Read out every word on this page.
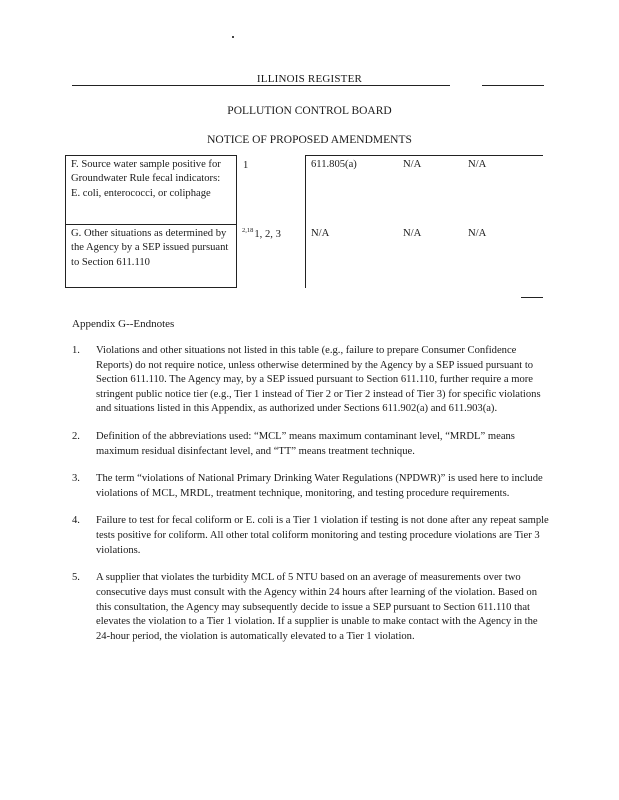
ILLINOIS REGISTER
POLLUTION CONTROL BOARD
NOTICE OF PROPOSED AMENDMENTS
F. Source water sample positive for Groundwater Rule fecal indicators: E. coli, enterococci, or coliphage	1	611.805(a)	N/A	N/A
G. Other situations as determined by the Agency by a SEP issued pursuant to Section 611.110	$^{2,18}$1, 2, 3	N/A	N/A	N/A
Appendix G--Endnotes
1.	Violations and other situations not listed in this table (e.g., failure to prepare Consumer Confidence Reports) do not require notice, unless otherwise determined by the Agency by a SEP issued pursuant to Section 611.110. The Agency may, by a SEP issued pursuant to Section 611.110, further require a more stringent public notice tier (e.g., Tier 1 instead of Tier 2 or Tier 2 instead of Tier 3) for specific violations and situations listed in this Appendix, as authorized under Sections 611.902(a) and 611.903(a).
2.	Definition of the abbreviations used: “MCL” means maximum contaminant level, “MRDL” means maximum residual disinfectant level, and “TT” means treatment technique.
3.	The term “violations of National Primary Drinking Water Regulations (NPDWR)” is used here to include violations of MCL, MRDL, treatment technique, monitoring, and testing procedure requirements.
4.	Failure to test for fecal coliform or E. coli is a Tier 1 violation if testing is not done after any repeat sample tests positive for coliform. All other total coliform monitoring and testing procedure violations are Tier 3 violations.
5.	A supplier that violates the turbidity MCL of 5 NTU based on an average of measurements over two consecutive days must consult with the Agency within 24 hours after learning of the violation. Based on this consultation, the Agency may subsequently decide to issue a SEP pursuant to Section 611.110 that elevates the violation to a Tier 1 violation. If a supplier is unable to make contact with the Agency in the 24-hour period, the violation is automatically elevated to a Tier 1 violation.
